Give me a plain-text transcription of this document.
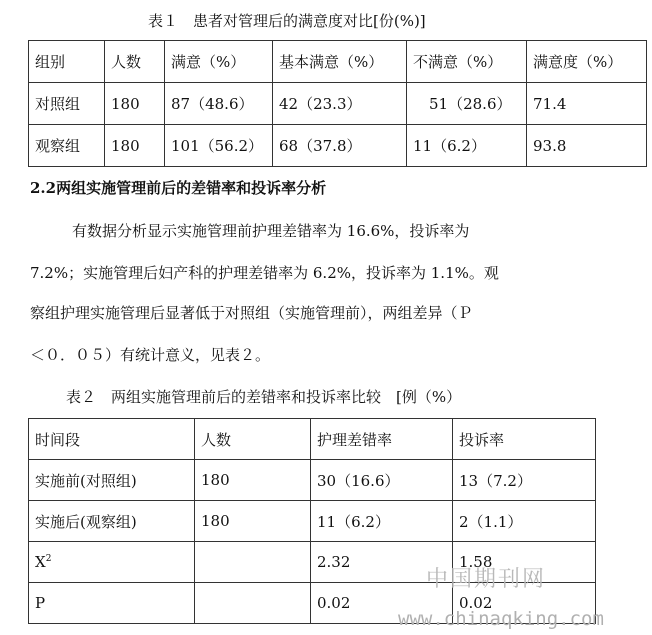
表１　患者对管理后的满意度对比[份(%)]
组别	人数	满意（%）	基本满意（%）	不满意（%）	满意度（%）
对照组	180	87（48.6）	42（23.3）	51（28.6）	71.4
观察组	180	101（56.2）	68（37.8）	11（6.2）	93.8
2.2两组实施管理前后的差错率和投诉率分析
有数据分析显示实施管理前护理差错率为 16.6%，投诉率为
7.2%；实施管理后妇产科的护理差错率为 6.2%，投诉率为 1.1%。观
察组护理实施管理后显著低于对照组（实施管理前），两组差异（Ｐ
＜０．０５）有统计意义，见表２。
表２　两组实施管理前后的差错率和投诉率比较　[例（%）
时间段	人数	护理差错率	投诉率
实施前(对照组)	180	30（16.6）	13（7.2）
实施后(观察组)	180	11（6.2）	2（1.1）
$X^2$		2.32	1.58
P		0.02	0.02
中国期刊网
www.chinaqking.com
